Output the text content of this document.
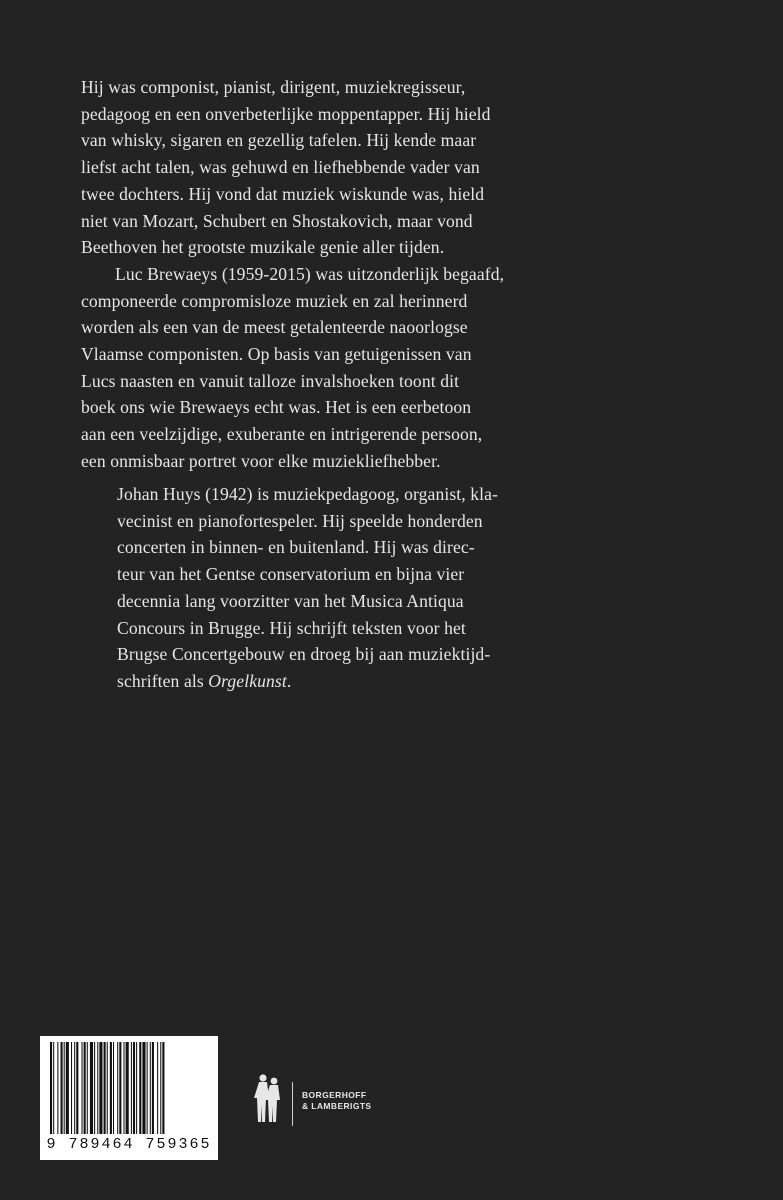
Hij was componist, pianist, dirigent, muziekregisseur,
pedagoog en een onverbeterlijke moppentapper. Hij hield
van whisky, sigaren en gezellig tafelen. Hij kende maar
liefst acht talen, was gehuwd en liefhebbende vader van
twee dochters. Hij vond dat muziek wiskunde was, hield
niet van Mozart, Schubert en Shostakovich, maar vond
Beethoven het grootste muzikale genie aller tijden.

Luc Brewaeys (1959-2015) was uitzonderlijk begaafd,
componeerde compromisloze muziek en zal herinnerd
worden als een van de meest getalenteerde naoorlogse
Vlaamse componisten. Op basis van getuigenissen van
Lucs naasten en vanuit talloze invalshoeken toont dit
boek ons wie Brewaeys echt was. Het is een eerbetoon
aan een veelzijdige, exuberante en intrigerende persoon,
een onmisbaar portret voor elke muziekliefhebber.

Johan Huys (1942) is muziekpedagoog, organist, kla-
vecinist en pianofortespeler. Hij speelde honderden
concerten in binnen- en buitenland. Hij was direc-
teur van het Gentse conservatorium en bijna vier
decennia lang voorzitter van het Musica Antiqua
Concours in Brugge. Hij schrijft teksten voor het
Brugse Concertgebouw en droeg bij aan muziektijd-
schriften als Orgelkunst.

9 789464 759365
BORGERHOFF
& LAMBERIGTS
